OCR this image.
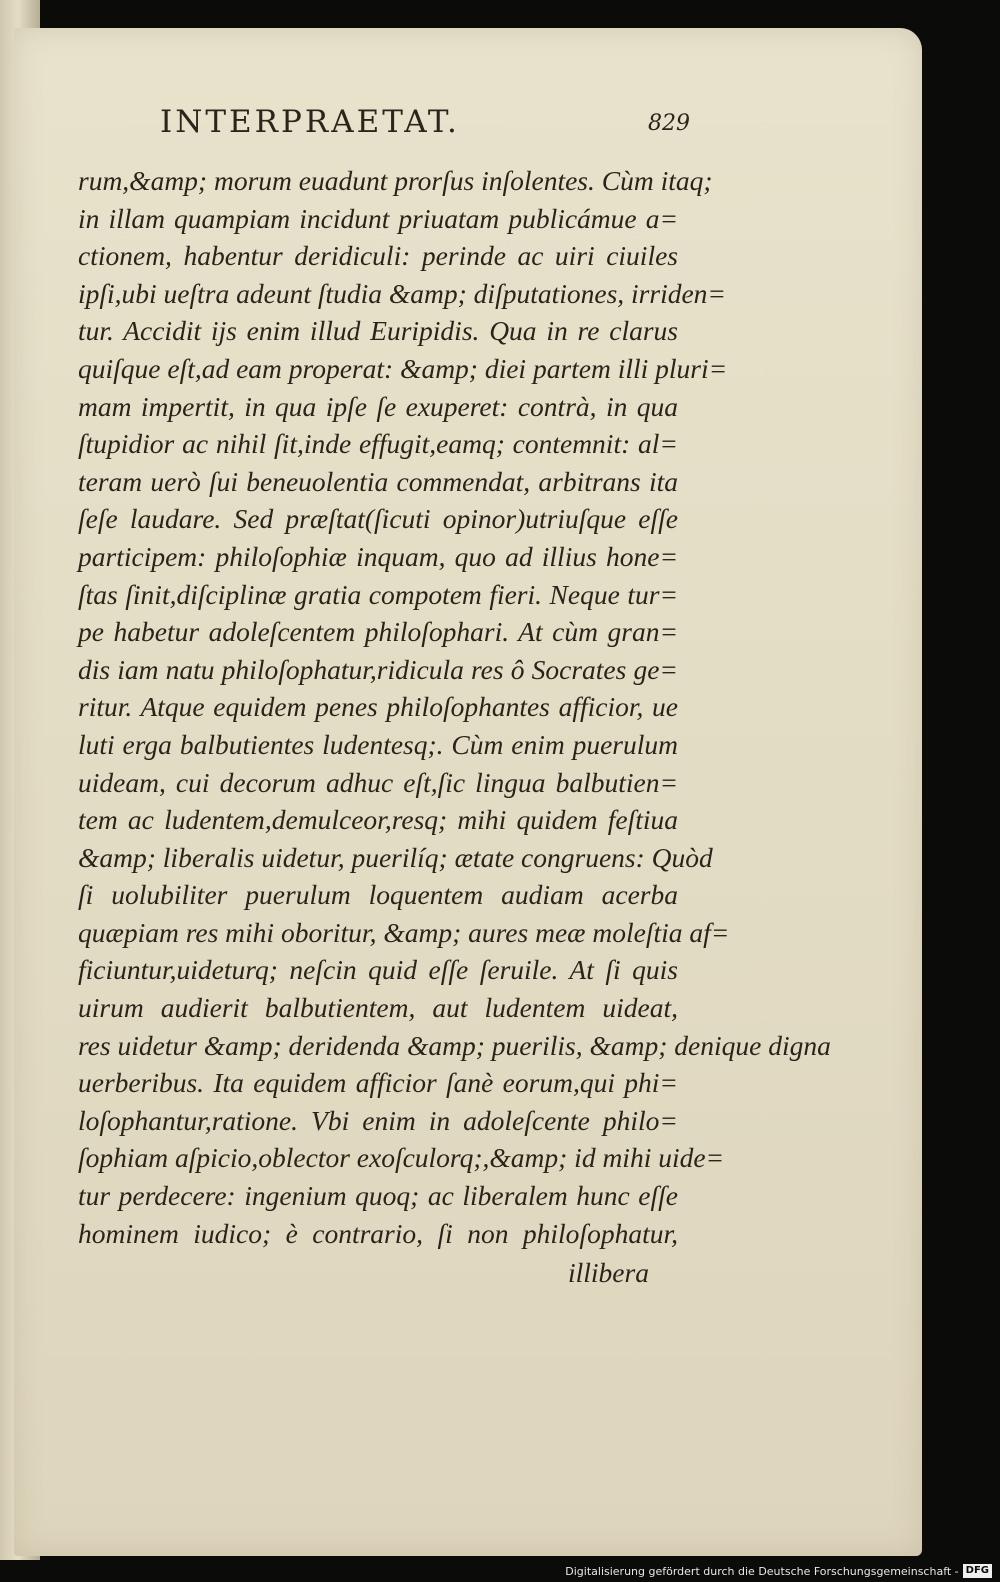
INTERPRAETAT.	829
rum,&amp; morum euadunt prorſus inſolentes. Cùm itaq;
in illam quampiam incidunt priuatam publicámue a=
ctionem, habentur deridiculi: perinde ac uiri ciuiles
ipſi,ubi ueſtra adeunt ſtudia &amp; diſputationes, irriden=
tur. Accidit ijs enim illud Euripidis. Qua in re clarus
quiſque eſt,ad eam properat: &amp; diei partem illi pluri=
mam impertit, in qua ipſe ſe exuperet: contrà, in qua
ſtupidior ac nihil ſit,inde effugit,eamq; contemnit: al=
teram uerò ſui beneuolentia commendat, arbitrans ita
ſeſe laudare. Sed præſtat(ſicuti opinor)utriuſque eſſe
participem: philoſophiæ inquam, quo ad illius hone=
ſtas ſinit,diſciplinæ gratia compotem fieri. Neque tur=
pe habetur adoleſcentem philoſophari. At cùm gran=
dis iam natu philoſophatur,ridicula res ô Socrates ge=
ritur. Atque equidem penes philoſophantes afficior, ue
luti erga balbutientes ludentesq;. Cùm enim puerulum
uideam, cui decorum adhuc eſt,ſic lingua balbutien=
tem ac ludentem,demulceor,resq; mihi quidem feſtiua
&amp; liberalis uidetur, puerilíq; ætate congruens: Quòd
ſi uolubiliter puerulum loquentem audiam acerba
quæpiam res mihi oboritur, &amp; aures meæ moleſtia af=
ficiuntur,uideturq; neſcin quid eſſe ſeruile. At ſi quis
uirum audierit balbutientem, aut ludentem uideat,
res uidetur &amp; deridenda &amp; puerilis, &amp; denique digna
uerberibus. Ita equidem afficior ſanè eorum,qui phi=
loſophantur,ratione. Vbi enim in adoleſcente philo=
ſophiam aſpicio,oblector exoſculorq;,&amp; id mihi uide=
tur perdecere: ingenium quoq; ac liberalem hunc eſſe
hominem iudico; è contrario, ſi non philoſophatur,
illibera
Digitalisierung gefördert durch die Deutsche Forschungsgemeinschaft - DFG
